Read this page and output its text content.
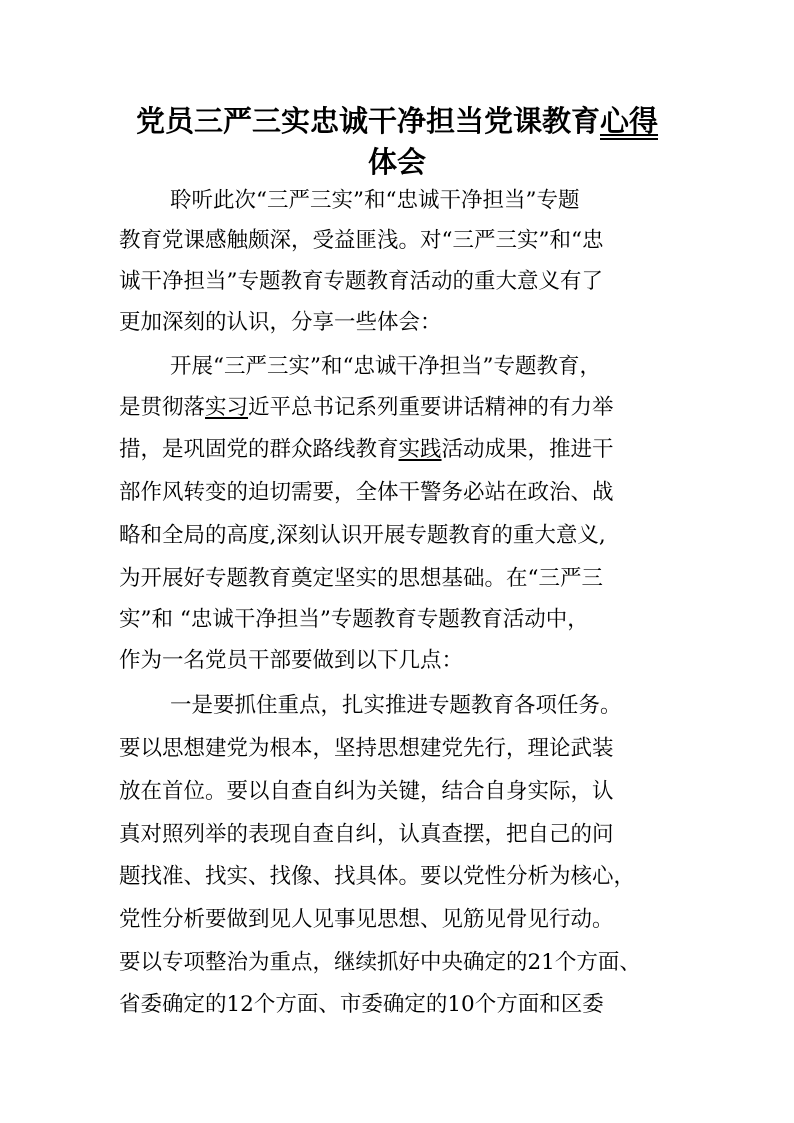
党员三严三实忠诚干净担当党课教育心得
体会

聆听此次“三严三实”和“忠诚干净担当”专题

教育党课感触颇深，受益匪浅。对“三严三实”和“忠

诚干净担当”专题教育专题教育活动的重大意义有了

更加深刻的认识，分享一些体会：

开展“三严三实”和“忠诚干净担当”专题教育，

是贯彻落实习近平总书记系列重要讲话精神的有力举

措，是巩固党的群众路线教育实践活动成果，推进干

部作风转变的迫切需要，全体干警务必站在政治、战

略和全局的高度,深刻认识开展专题教育的重大意义,

为开展好专题教育奠定坚实的思想基础。在“三严三

实”和 “忠诚干净担当”专题教育专题教育活动中，

作为一名党员干部要做到以下几点：

一是要抓住重点，扎实推进专题教育各项任务。

要以思想建党为根本，坚持思想建党先行，理论武装

放在首位。要以自查自纠为关键，结合自身实际，认

真对照列举的表现自查自纠，认真查摆，把自己的问

题找准、找实、找像、找具体。要以党性分析为核心，

党性分析要做到见人见事见思想、见筋见骨见行动。

要以专项整治为重点，继续抓好中央确定的21个方面、

省委确定的12个方面、市委确定的10个方面和区委
